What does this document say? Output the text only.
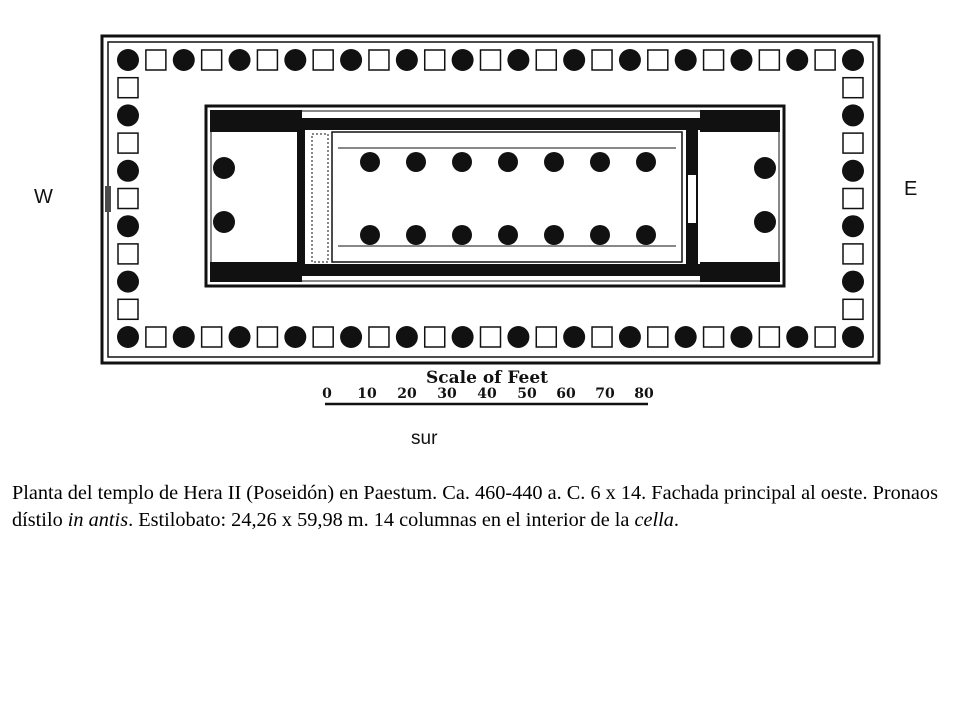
W	E
sur
Scale of Feet
0 10 20 30 40 50 60 70 80
Planta del templo de Hera II (Poseidón) en Paestum. Ca. 460-440 a. C. 6 x 14. Fachada principal al oeste. Pronaos dístilo in antis. Estilobato: 24,26 x 59,98 m. 14 columnas en el interior de la cella.
